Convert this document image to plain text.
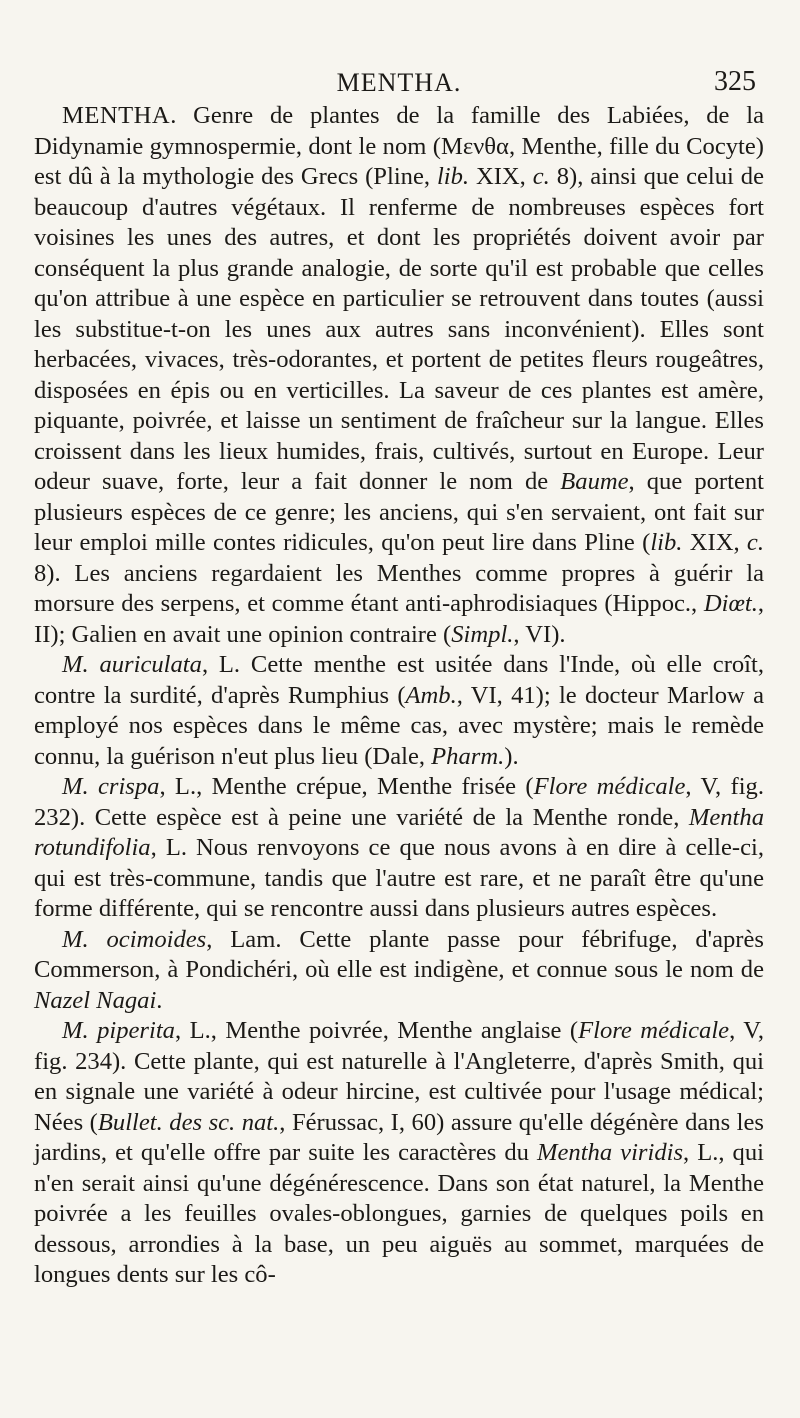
MENTHA.	325

MENTHA. Genre de plantes de la famille des Labiées, de la Didynamie gymnospermie, dont le nom (Μενθα, Menthe, fille du Cocyte) est dû à la mythologie des Grecs (Pline, lib. XIX, c. 8), ainsi que celui de beaucoup d'autres végétaux. Il renferme de nombreuses espèces fort voisines les unes des autres, et dont les propriétés doivent avoir par conséquent la plus grande analogie, de sorte qu'il est probable que celles qu'on attribue à une espèce en particulier se retrouvent dans toutes (aussi les substitue-t-on les unes aux autres sans inconvénient). Elles sont herbacées, vivaces, très-odorantes, et portent de petites fleurs rougeâtres, disposées en épis ou en verticilles. La saveur de ces plantes est amère, piquante, poivrée, et laisse un sentiment de fraîcheur sur la langue. Elles croissent dans les lieux humides, frais, cultivés, surtout en Europe. Leur odeur suave, forte, leur a fait donner le nom de Baume, que portent plusieurs espèces de ce genre; les anciens, qui s'en servaient, ont fait sur leur emploi mille contes ridicules, qu'on peut lire dans Pline (lib. XIX, c. 8). Les anciens regardaient les Menthes comme propres à guérir la morsure des serpens, et comme étant anti-aphrodisiaques (Hippoc., Diœt., II); Galien en avait une opinion contraire (Simpl., VI).

M. auriculata, L. Cette menthe est usitée dans l'Inde, où elle croît, contre la surdité, d'après Rumphius (Amb., VI, 41); le docteur Marlow a employé nos espèces dans le même cas, avec mystère; mais le remède connu, la guérison n'eut plus lieu (Dale, Pharm.).

M. crispa, L., Menthe crépue, Menthe frisée (Flore médicale, V, fig. 232). Cette espèce est à peine une variété de la Menthe ronde, Mentha rotundifolia, L. Nous renvoyons ce que nous avons à en dire à celle-ci, qui est très-commune, tandis que l'autre est rare, et ne paraît être qu'une forme différente, qui se rencontre aussi dans plusieurs autres espèces.

M. ocimoides, Lam. Cette plante passe pour fébrifuge, d'après Commerson, à Pondichéri, où elle est indigène, et connue sous le nom de Nazel Nagai.

M. piperita, L., Menthe poivrée, Menthe anglaise (Flore médicale, V, fig. 234). Cette plante, qui est naturelle à l'Angleterre, d'après Smith, qui en signale une variété à odeur hircine, est cultivée pour l'usage médical; Nées (Bullet. des sc. nat., Férussac, I, 60) assure qu'elle dégénère dans les jardins, et qu'elle offre par suite les caractères du Mentha viridis, L., qui n'en serait ainsi qu'une dégénérescence. Dans son état naturel, la Menthe poivrée a les feuilles ovales-oblongues, garnies de quelques poils en dessous, arrondies à la base, un peu aiguës au sommet, marquées de longues dents sur les cô-
